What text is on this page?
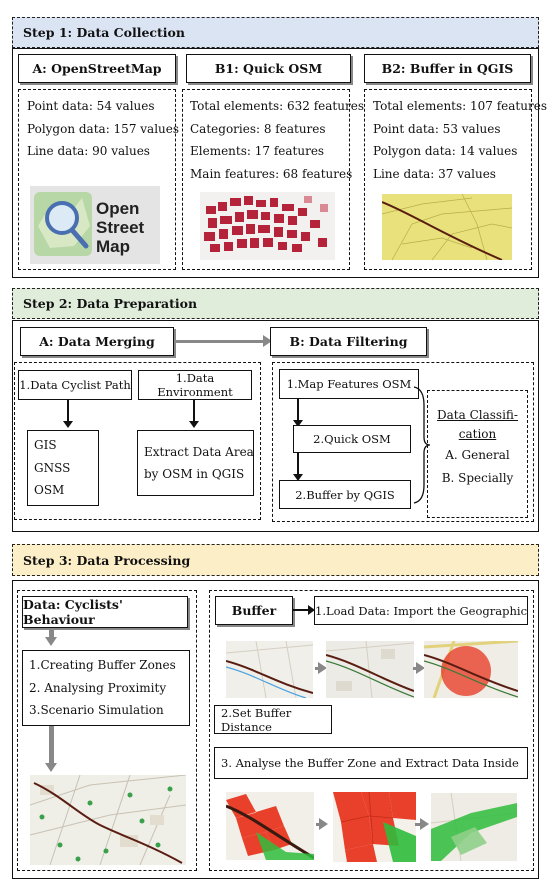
Step 1: Data Collection
A: OpenStreetMap
Point data: 54 values
Polygon data: 157 values
Line data: 90 values
Open
Street
Map
B1: Quick OSM
Total elements: 632 features
Categories: 8 features
Elements: 17 features
Main features: 68 features
B2: Buffer in QGIS
Total elements: 107 features
Point data: 53 values
Polygon data: 14 values
Line data: 37 values
Step 2: Data Preparation
A: Data Merging	B: Data Filtering
1.Data Cyclist Path
GIS
GNSS
OSM
1.Data Environment
Extract Data Area
by OSM in QGIS
1.Map Features OSM
2.Quick OSM
2.Buffer by QGIS
Data Classifi-
cation
A. General
B. Specially
Step 3: Data Processing
Data: Cyclists' Behaviour
1.Creating Buffer Zones
2. Analysing Proximity
3.Scenario Simulation
Buffer	1.Load Data: Import the Geographic
2.Set Buffer Distance
3. Analyse the Buffer Zone and Extract Data Inside
